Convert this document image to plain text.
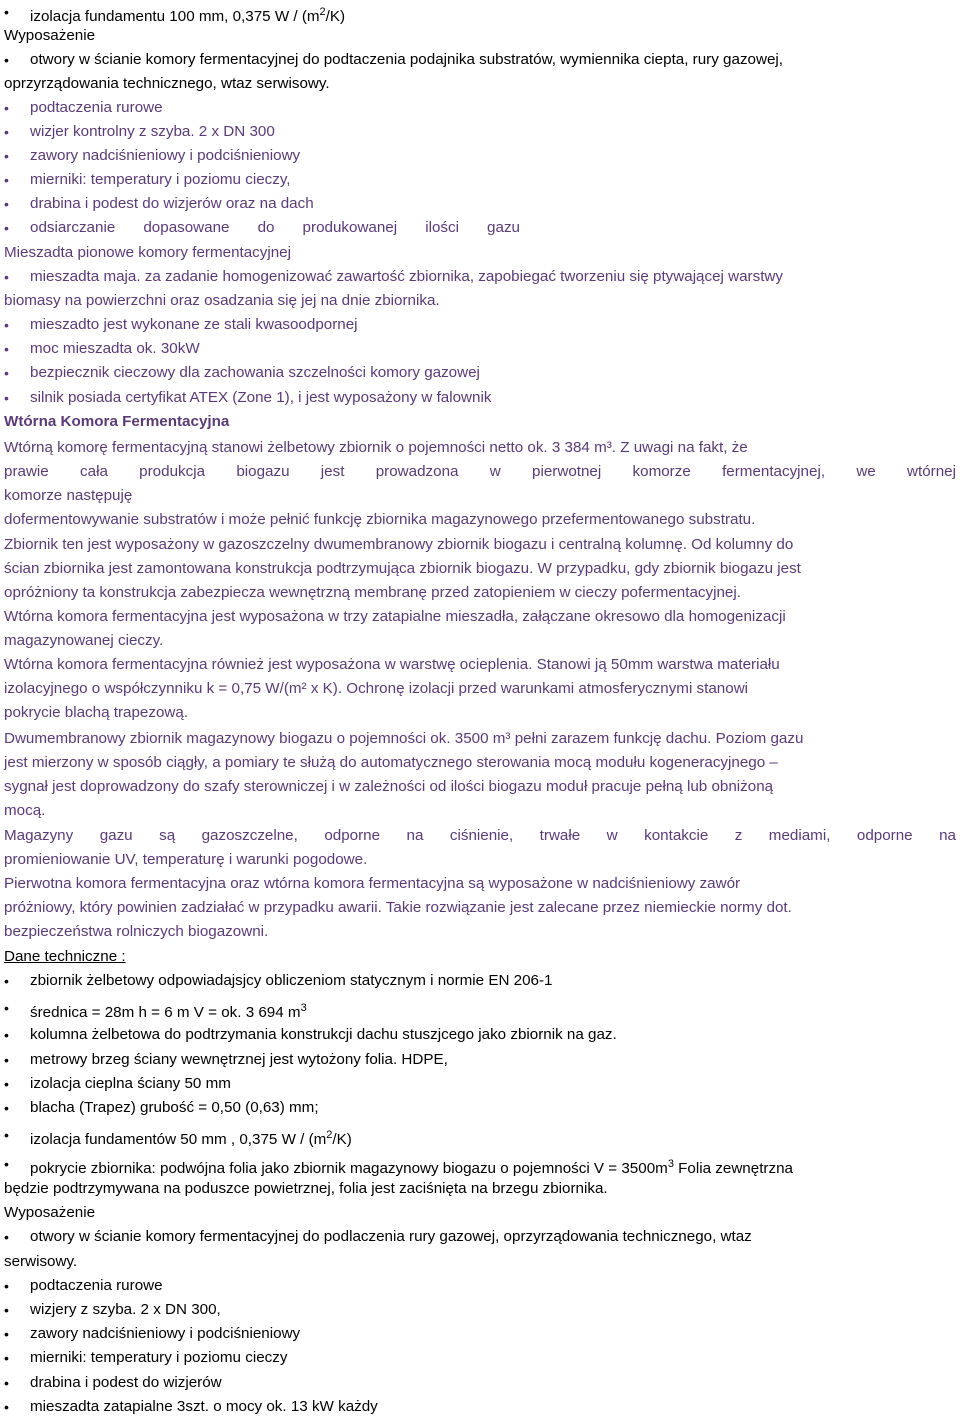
•
izolacja fundamentu 100 mm, 0,375 W / $(m^2/K)$
Wyposażenie
•
otwory w ścianie komory fermentacyjnej do podtaczenia podajnika substratów, wymiennika ciepta, rury gazowej,
oprzyrządowania technicznego, wtaz serwisowy.
•
podtaczenia rurowe
•
wizjer kontrolny z szyba. 2 x DN 300
•
zawory nadciśnieniowy i podciśnieniowy
•
mierniki: temperatury i poziomu cieczy,
•
drabina i podest do wizjerów oraz na dach
•
odsiarczanie dopasowane do produkowanej ilości gazu
Mieszadta pionowe komory fermentacyjnej
•
mieszadta maja. za zadanie homogenizować zawartość zbiornika, zapobiegać tworzeniu się ptywającej warstwy
biomasy na powierzchni oraz osadzania się jej na dnie zbiornika.
•
mieszadto jest wykonane ze stali kwasoodpornej
•
moc mieszadta ok. 30kW
•
bezpiecznik cieczowy dla zachowania szczelności komory gazowej
•
silnik posiada certyfikat ATEX (Zone 1), i jest wyposażony w falownik
Wtórna Komora Fermentacyjna
Wtórną komorę fermentacyjną stanowi żelbetowy zbiornik o pojemności netto ok. 3 384 m³. Z uwagi na fakt, że
prawie cała produkcja biogazu jest prowadzona w pierwotnej komorze fermentacyjnej, we wtórnej
komorze następuję
dofermentowywanie substratów i może pełnić funkcję zbiornika magazynowego przefermentowanego substratu.
Zbiornik ten jest wyposażony w gazoszczelny dwumembranowy zbiornik biogazu i centralną kolumnę. Od kolumny do
ścian zbiornika jest zamontowana konstrukcja podtrzymująca zbiornik biogazu. W przypadku, gdy zbiornik biogazu jest
opróżniony ta konstrukcja zabezpiecza wewnętrzną membranę przed zatopieniem w cieczy pofermentacyjnej.
Wtórna komora fermentacyjna jest wyposażona w trzy zatapialne mieszadła, załączane okresowo dla homogenizacji
magazynowanej cieczy.
Wtórna komora fermentacyjna również jest wyposażona w warstwę ocieplenia. Stanowi ją 50mm warstwa materiału
izolacyjnego o współczynniku k = 0,75 W/(m² x K). Ochronę izolacji przed warunkami atmosferycznymi stanowi
pokrycie blachą trapezową.
Dwumembranowy zbiornik magazynowy biogazu o pojemności ok. 3500 m³ pełni zarazem funkcję dachu. Poziom gazu
jest mierzony w sposób ciągły, a pomiary te służą do automatycznego sterowania mocą modułu kogeneracyjnego –
sygnał jest doprowadzony do szafy sterowniczej i w zależności od ilości biogazu moduł pracuje pełną lub obniżoną
mocą.
Magazyny gazu są gazoszczelne, odporne na ciśnienie, trwałe w kontakcie z mediami, odporne na
promieniowanie UV, temperaturę i warunki pogodowe.
Pierwotna komora fermentacyjna oraz wtórna komora fermentacyjna są wyposażone w nadciśnieniowy zawór
próżniowy, który powinien zadziałać w przypadku awarii. Takie rozwiązanie jest zalecane przez niemieckie normy dot.
bezpieczeństwa rolniczych biogazowni.
Dane techniczne :
•
zbiornik żelbetowy odpowiadajsjcy obliczeniom statycznym i normie EN 206-1
•
średnica = 28m h = 6 m V = ok. 3 694 $m^3$
•
kolumna żelbetowa do podtrzymania konstrukcji dachu stuszjcego jako zbiornik na gaz.
•
metrowy brzeg ściany wewnętrznej jest wytożony folia. HDPE,
•
izolacja cieplna ściany 50 mm
•
blacha (Trapez) grubość = 0,50 (0,63) mm;
•
izolacja fundamentów 50 mm , 0,375 W / $(m^2/K)$
•
pokrycie zbiornika: podwójna folia jako zbiornik magazynowy biogazu o pojemności $V = 3500m^3$ Folia zewnętrzna
będzie podtrzymywana na poduszce powietrznej, folia jest zaciśnięta na brzegu zbiornika.
Wyposażenie
•
otwory w ścianie komory fermentacyjnej do podlaczenia rury gazowej, oprzyrządowania technicznego, wtaz
serwisowy.
•
podtaczenia rurowe
•
wizjery z szyba. 2 x DN 300,
•
zawory nadciśnieniowy i podciśnieniowy
•
mierniki: temperatury i poziomu cieczy
•
drabina i podest do wizjerów
•
mieszadta zatapialne 3szt. o mocy ok. 13 kW każdy
